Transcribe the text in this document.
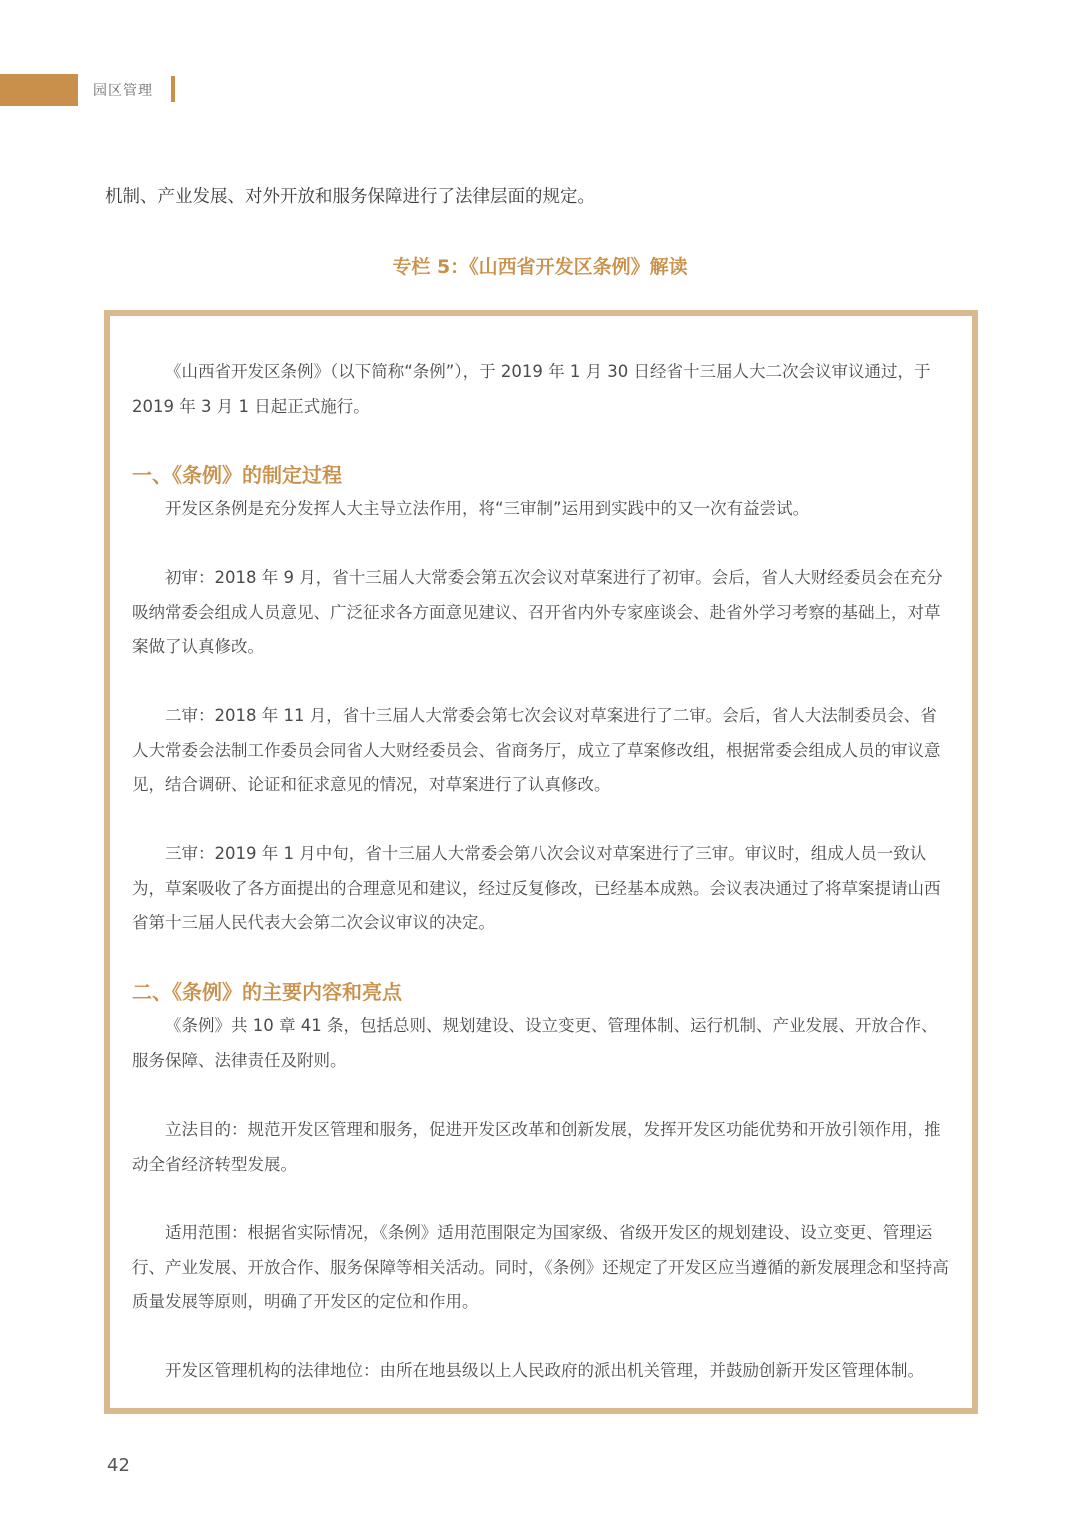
园区管理

机制、产业发展、对外开放和服务保障进行了法律层面的规定。

专栏 5：《山西省开发区条例》解读

《山西省开发区条例》（以下简称“条例”），于 2019 年 1 月 30 日经省十三届人大二次会议审议通过，于 2019 年 3 月 1 日起正式施行。

一、《条例》的制定过程

开发区条例是充分发挥人大主导立法作用，将“三审制”运用到实践中的又一次有益尝试。

初审：2018 年 9 月，省十三届人大常委会第五次会议对草案进行了初审。会后，省人大财经委员会在充分吸纳常委会组成人员意见、广泛征求各方面意见建议、召开省内外专家座谈会、赴省外学习考察的基础上，对草案做了认真修改。

二审：2018 年 11 月，省十三届人大常委会第七次会议对草案进行了二审。会后，省人大法制委员会、省人大常委会法制工作委员会同省人大财经委员会、省商务厅，成立了草案修改组，根据常委会组成人员的审议意见，结合调研、论证和征求意见的情况，对草案进行了认真修改。

三审：2019 年 1 月中旬，省十三届人大常委会第八次会议对草案进行了三审。审议时，组成人员一致认为，草案吸收了各方面提出的合理意见和建议，经过反复修改，已经基本成熟。会议表决通过了将草案提请山西省第十三届人民代表大会第二次会议审议的决定。

二、《条例》的主要内容和亮点

《条例》共 10 章 41 条，包括总则、规划建设、设立变更、管理体制、运行机制、产业发展、开放合作、服务保障、法律责任及附则。

立法目的：规范开发区管理和服务，促进开发区改革和创新发展，发挥开发区功能优势和开放引领作用，推动全省经济转型发展。

适用范围：根据省实际情况，《条例》适用范围限定为国家级、省级开发区的规划建设、设立变更、管理运行、产业发展、开放合作、服务保障等相关活动。同时，《条例》还规定了开发区应当遵循的新发展理念和坚持高质量发展等原则，明确了开发区的定位和作用。

开发区管理机构的法律地位：由所在地县级以上人民政府的派出机关管理，并鼓励创新开发区管理体制。

42
